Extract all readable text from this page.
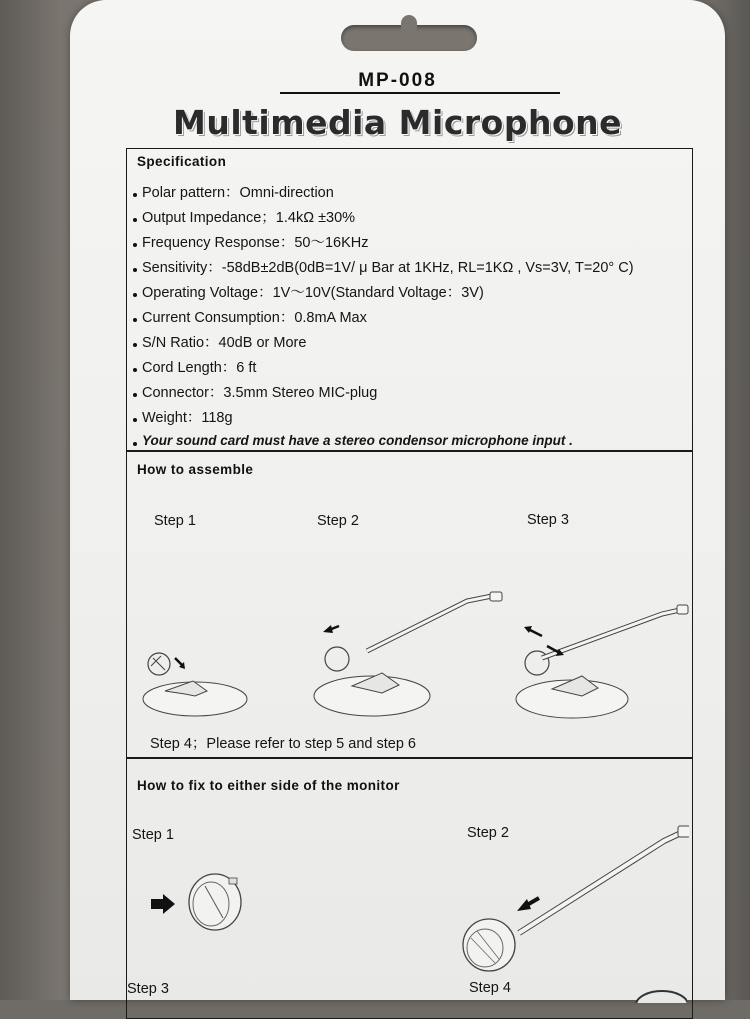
MP-008
Multimedia Microphone
Specification
Polar pattern：Omni-direction
Output Impedance；1.4kΩ ±30%
Frequency Response：50～16KHz
Sensitivity：-58dB±2dB(0dB=1V/ μ Bar at 1KHz, RL=1KΩ , Vs=3V, T=20° C)
Operating Voltage：1V～10V(Standard Voltage：3V)
Current Consumption：0.8mA Max
S/N Ratio：40dB or More
Cord Length：6 ft
Connector：3.5mm Stereo MIC-plug
Weight：118g
Your sound card must have a stereo condensor microphone input .
How to assemble
Step 1	Step 2	Step 3
Step 4；Please refer to step 5 and step 6
How to fix to either side of the monitor
Step 1	Step 2
Step 3	Step 4
